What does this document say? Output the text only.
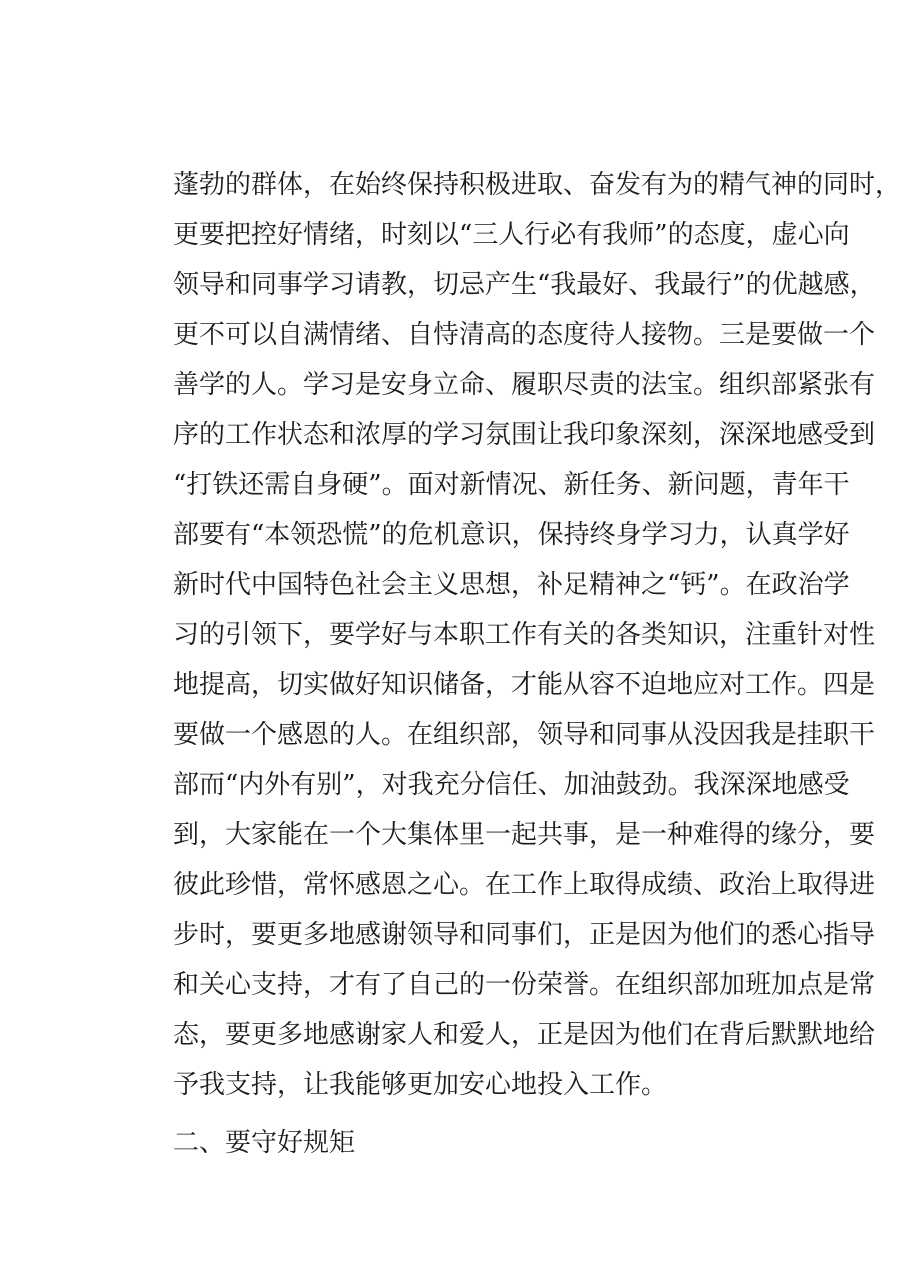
蓬勃的群体，在始终保持积极进取、奋发有为的精气神的同时，
更要把控好情绪，时刻以“三人行必有我师”的态度，虚心向
领导和同事学习请教，切忌产生“我最好、我最行”的优越感，
更不可以自满情绪、自恃清高的态度待人接物。三是要做一个
善学的人。学习是安身立命、履职尽责的法宝。组织部紧张有
序的工作状态和浓厚的学习氛围让我印象深刻，深深地感受到
“打铁还需自身硬”。面对新情况、新任务、新问题，青年干
部要有“本领恐慌”的危机意识，保持终身学习力，认真学好
新时代中国特色社会主义思想，补足精神之“钙”。在政治学
习的引领下，要学好与本职工作有关的各类知识，注重针对性
地提高，切实做好知识储备，才能从容不迫地应对工作。四是
要做一个感恩的人。在组织部，领导和同事从没因我是挂职干
部而“内外有别”，对我充分信任、加油鼓劲。我深深地感受
到，大家能在一个大集体里一起共事，是一种难得的缘分，要
彼此珍惜，常怀感恩之心。在工作上取得成绩、政治上取得进
步时，要更多地感谢领导和同事们，正是因为他们的悉心指导
和关心支持，才有了自己的一份荣誉。在组织部加班加点是常
态，要更多地感谢家人和爱人，正是因为他们在背后默默地给
予我支持，让我能够更加安心地投入工作。
二、要守好规矩
